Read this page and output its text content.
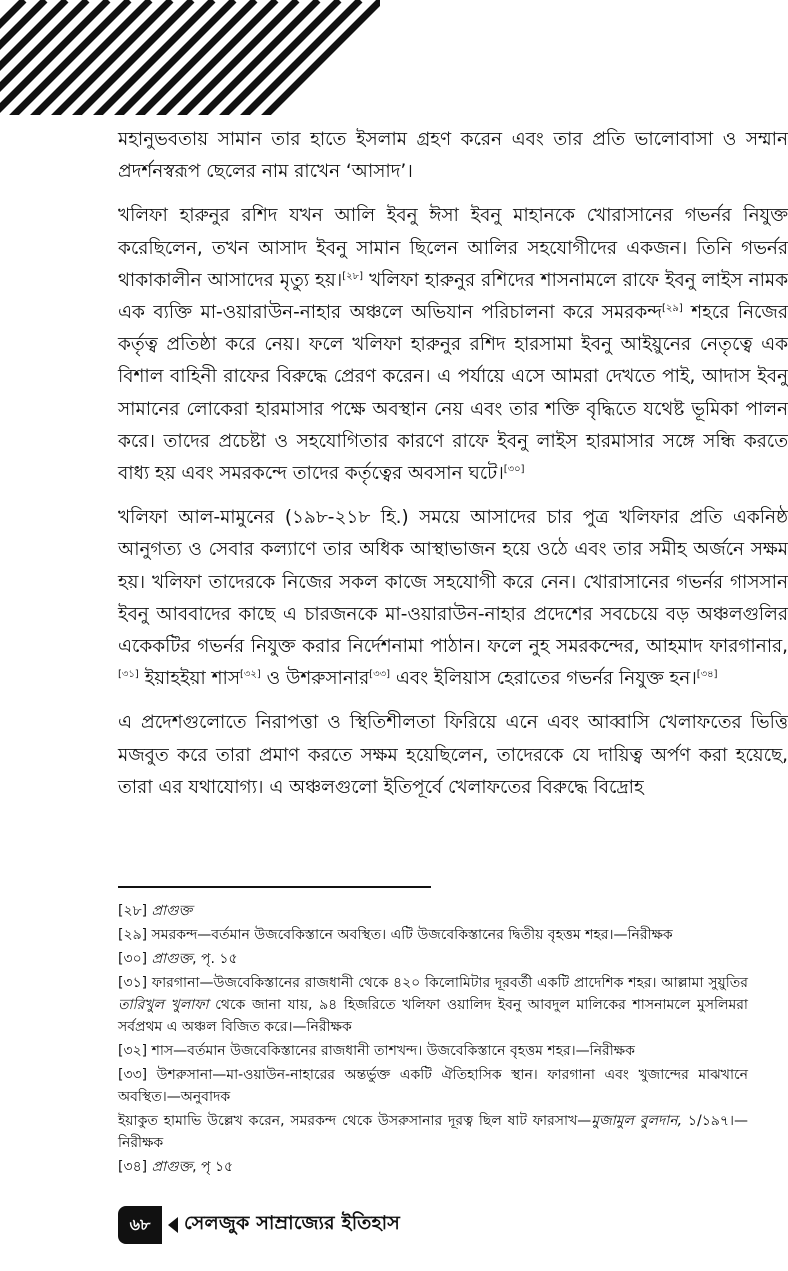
মহানুভবতায় সামান তার হাতে ইসলাম গ্রহণ করেন এবং তার প্রতি ভালোবাসা ও সম্মান প্রদর্শনস্বরূপ ছেলের নাম রাখেন ‘আসাদ’।

খলিফা হারুনুর রশিদ যখন আলি ইবনু ঈসা ইবনু মাহানকে খোরাসানের গভর্নর নিযুক্ত করেছিলেন, তখন আসাদ ইবনু সামান ছিলেন আলির সহযোগীদের একজন। তিনি গভর্নর থাকাকালীন আসাদের মৃত্যু হয়।[২৮] খলিফা হারুনুর রশিদের শাসনামলে রাফে ইবনু লাইস নামক এক ব্যক্তি মা-ওয়ারাউন-নাহার অঞ্চলে অভিযান পরিচালনা করে সমরকন্দ[২৯] শহরে নিজের কর্তৃত্ব প্রতিষ্ঠা করে নেয়। ফলে খলিফা হারুনুর রশিদ হারসামা ইবনু আইয়ুনের নেতৃত্বে এক বিশাল বাহিনী রাফের বিরুদ্ধে প্রেরণ করেন। এ পর্যায়ে এসে আমরা দেখতে পাই, আদাস ইবনু সামানের লোকেরা হারমাসার পক্ষে অবস্থান নেয় এবং তার শক্তি বৃদ্ধিতে যথেষ্ট ভূমিকা পালন করে। তাদের প্রচেষ্টা ও সহযোগিতার কারণে রাফে ইবনু লাইস হারমাসার সঙ্গে সন্ধি করতে বাধ্য হয় এবং সমরকন্দে তাদের কর্তৃত্বের অবসান ঘটে।[৩০]

খলিফা আল-মামুনের (১৯৮-২১৮ হি.) সময়ে আসাদের চার পুত্র খলিফার প্রতি একনিষ্ঠ আনুগত্য ও সেবার কল্যাণে তার অধিক আস্থাভাজন হয়ে ওঠে এবং তার সমীহ অর্জনে সক্ষম হয়। খলিফা তাদেরকে নিজের সকল কাজে সহযোগী করে নেন। খোরাসানের গভর্নর গাসসান ইবনু আববাদের কাছে এ চারজনকে মা-ওয়ারাউন-নাহার প্রদেশের সবচেয়ে বড় অঞ্চলগুলির একেকটির গভর্নর নিযুক্ত করার নির্দেশনামা পাঠান। ফলে নুহ সমরকন্দের, আহমাদ ফারগানার,[৩১] ইয়াহইয়া শাস[৩২] ও উশরুসানার[৩৩] এবং ইলিয়াস হেরাতের গভর্নর নিযুক্ত হন।[৩৪]

এ প্রদেশগুলোতে নিরাপত্তা ও স্থিতিশীলতা ফিরিয়ে এনে এবং আব্বাসি খেলাফতের ভিত্তি মজবুত করে তারা প্রমাণ করতে সক্ষম হয়েছিলেন, তাদেরকে যে দায়িত্ব অর্পণ করা হয়েছে, তারা এর যথাযোগ্য। এ অঞ্চলগুলো ইতিপূর্বে খেলাফতের বিরুদ্ধে বিদ্রোহ

[২৮] প্রাগুক্ত

[২৯] সমরকন্দ—বর্তমান উজবেকিস্তানে অবস্থিত। এটি উজবেকিস্তানের দ্বিতীয় বৃহত্তম শহর।—নিরীক্ষক

[৩০] প্রাগুক্ত, পৃ. ১৫

[৩১] ফারগানা—উজবেকিস্তানের রাজধানী থেকে ৪২০ কিলোমিটার দূরবর্তী একটি প্রাদেশিক শহর। আল্লামা সুয়ুতির তারিখুল খুলাফা থেকে জানা যায়, ৯৪ হিজরিতে খলিফা ওয়ালিদ ইবনু আবদুল মালিকের শাসনামলে মুসলিমরা সর্বপ্রথম এ অঞ্চল বিজিত করে।—নিরীক্ষক

[৩২] শাস—বর্তমান উজবেকিস্তানের রাজধানী তাশখন্দ। উজবেকিস্তানে বৃহত্তম শহর।—নিরীক্ষক

[৩৩] উশরুসানা—মা-ওয়াউন-নাহারের অন্তর্ভুক্ত একটি ঐতিহাসিক স্থান। ফারগানা এবং খুজান্দের মাঝখানে অবস্থিত।—অনুবাদক

ইয়াকুত হামাভি উল্লেখ করেন, সমরকন্দ থেকে উসরুসানার দূরত্ব ছিল ষাট ফারসাখ—মুজামুল বুলদান, ১/১৯৭।—নিরীক্ষক

[৩৪] প্রাগুক্ত, পৃ ১৫

৬৮	সেলজুক সাম্রাজ্যের ইতিহাস
